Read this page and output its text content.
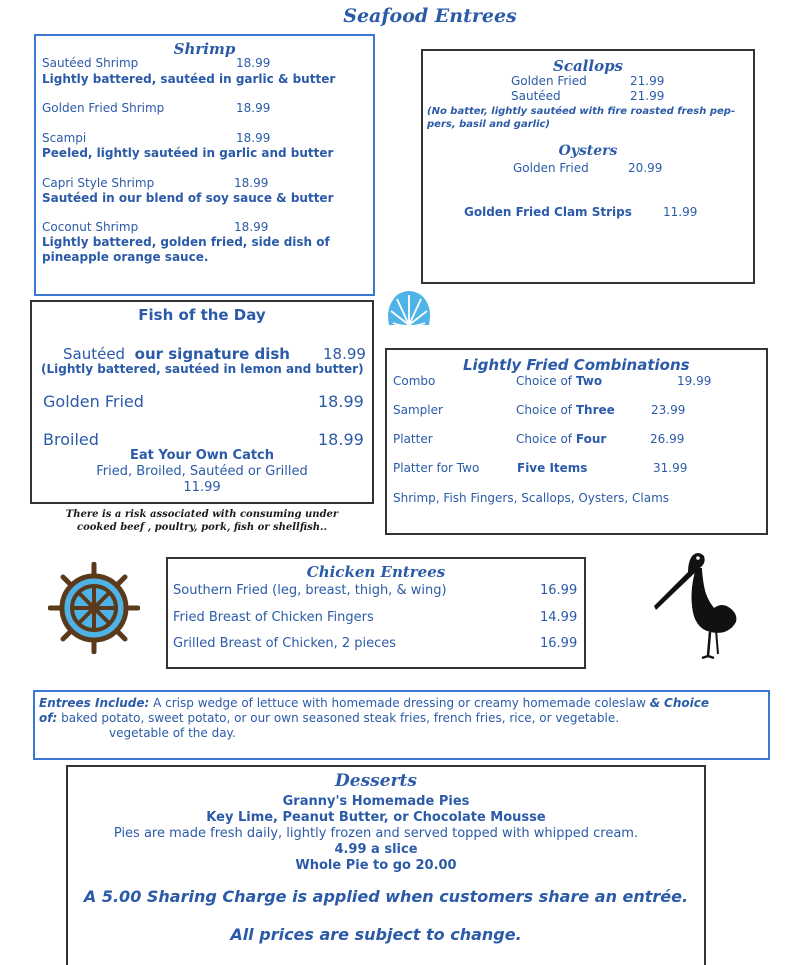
Seafood Entrees
Shrimp
Sautéed Shrimp	18.99
Lightly battered, sautéed in garlic & butter
Golden Fried Shrimp	18.99
Scampi	18.99
Peeled, lightly sautéed in garlic and butter
Capri Style Shrimp	18.99
Sautéed in our blend of soy sauce & butter
Coconut Shrimp	18.99
Lightly battered, golden fried, side dish of
pineapple orange sauce.
Scallops
Golden Fried	21.99
Sautéed	21.99
(No batter, lightly sautéed with fire roasted fresh pep-
pers, basil and garlic)
Oysters
Golden Fried	20.99
Golden Fried Clam Strips	11.99
Fish of the Day
Sautéed our signature dish 18.99
(Lightly battered, sautéed in lemon and butter)
Golden Fried	18.99
Broiled	18.99
Eat Your Own Catch
Fried, Broiled, Sautéed or Grilled
11.99
There is a risk associated with consuming under
cooked beef , poultry, pork, fish or shellfish..
Lightly Fried Combinations
Combo	Choice of Two	19.99
Sampler	Choice of Three	23.99
Platter	Choice of Four	26.99
Platter for Two	Five Items	31.99
Shrimp, Fish Fingers, Scallops, Oysters, Clams
Chicken Entrees
Southern Fried (leg, breast, thigh, & wing)	16.99
Fried Breast of Chicken Fingers	14.99
Grilled Breast of Chicken, 2 pieces	16.99
Entrees Include: A crisp wedge of lettuce with homemade dressing or creamy homemade coleslaw & Choice
of: baked potato, sweet potato, or our own seasoned steak fries, french fries, rice, or vegetable.
vegetable of the day.
Desserts
Granny's Homemade Pies
Key Lime, Peanut Butter, or Chocolate Mousse
Pies are made fresh daily, lightly frozen and served topped with whipped cream.
4.99 a slice
Whole Pie to go 20.00
A 5.00 Sharing Charge is applied when customers share an entrée.
All prices are subject to change.
